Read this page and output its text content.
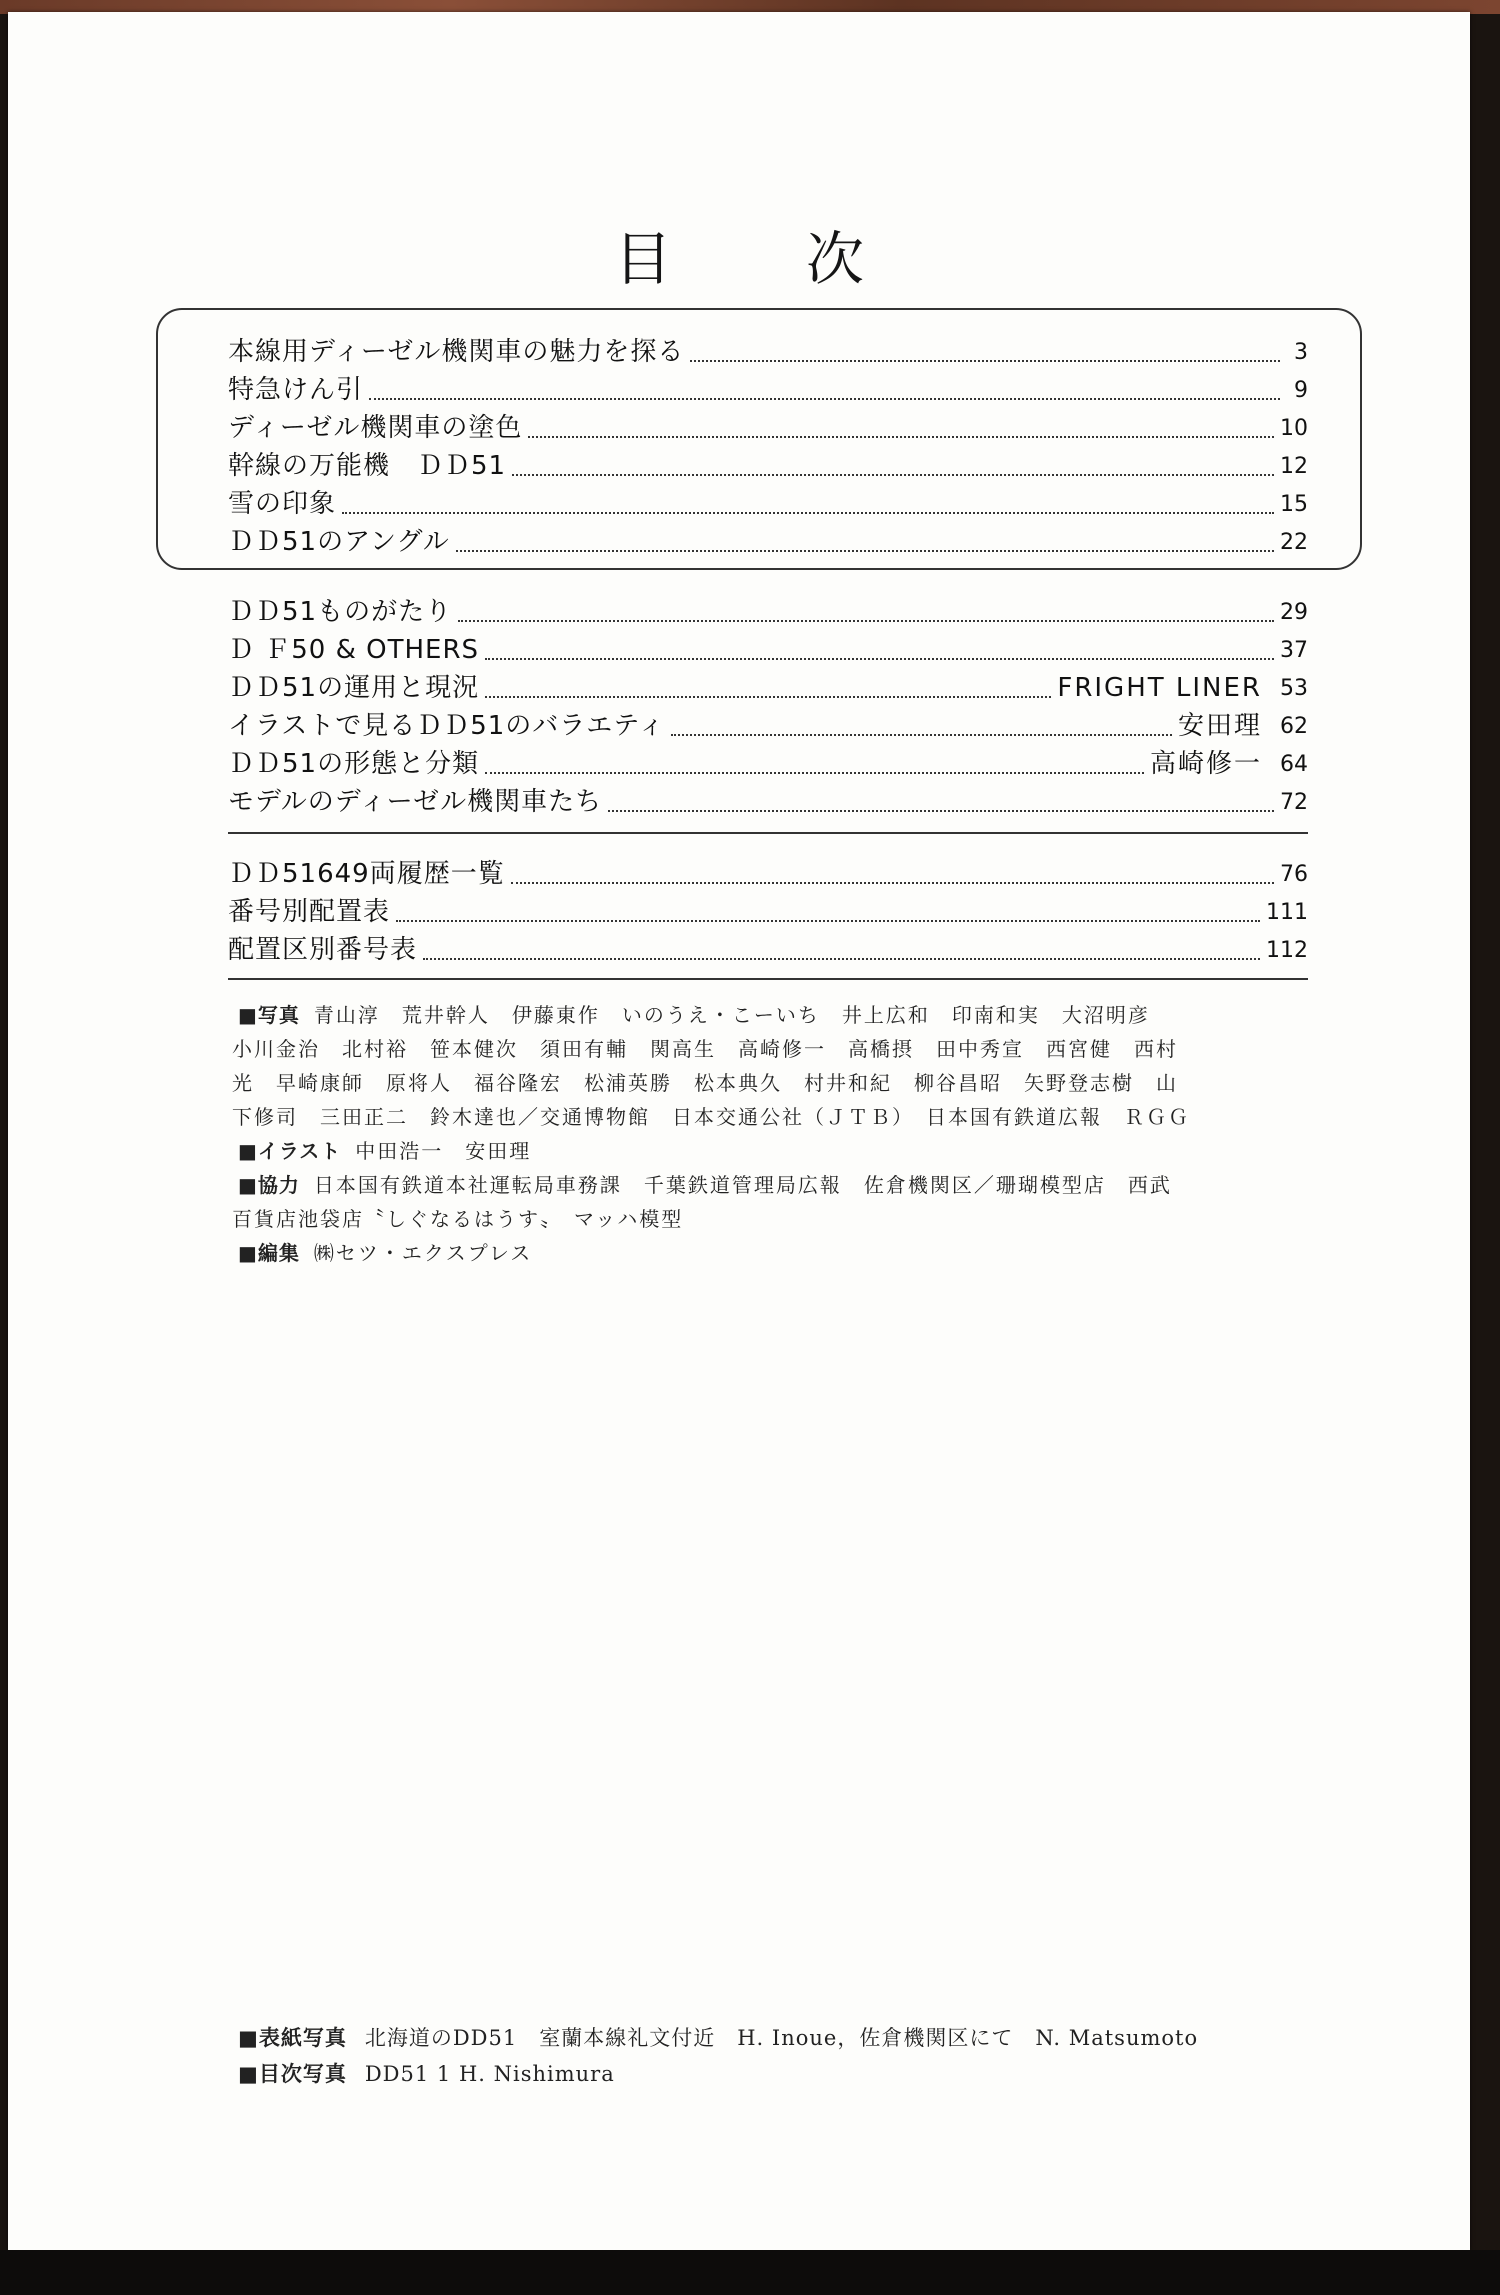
目　次
本線用ディーゼル機関車の魅力を探る	3
特急けん引	9
ディーゼル機関車の塗色	10
幹線の万能機　ＤＤ51	12
雪の印象	15
ＤＤ51のアングル	22
ＤＤ51ものがたり	29
Ｄ Ｆ50 & OTHERS	37
ＤＤ51の運用と現況	FRIGHT LINER 53
イラストで見るＤＤ51のバラエティ	安田理 62
ＤＤ51の形態と分類	高崎修一 64
モデルのディーゼル機関車たち	72
ＤＤ51649両履歴一覧	76
番号別配置表	111
配置区別番号表	112
■写真 青山淳　荒井幹人　伊藤東作　いのうえ・こーいち　井上広和　印南和実　大沼明彦
小川金治　北村裕　笹本健次　須田有輔　関高生　高崎修一　高橋摂　田中秀宣　西宮健　西村
光　早崎康師　原将人　福谷隆宏　松浦英勝　松本典久　村井和紀　柳谷昌昭　矢野登志樹　山
下修司　三田正二　鈴木達也／交通博物館　日本交通公社（ＪＴＢ）　日本国有鉄道広報　ＲＧＧ
■イラスト 中田浩一　安田理
■協力 日本国有鉄道本社運転局車務課　千葉鉄道管理局広報　佐倉機関区／珊瑚模型店　西武
百貨店池袋店〝しぐなるはうす〟　マッハ模型
■編集 ㈱セツ・エクスプレス
■表紙写真 北海道のDD51　室蘭本線礼文付近　H. Inoue，佐倉機関区にて　N. Matsumoto
■目次写真 DD51 1 H. Nishimura
